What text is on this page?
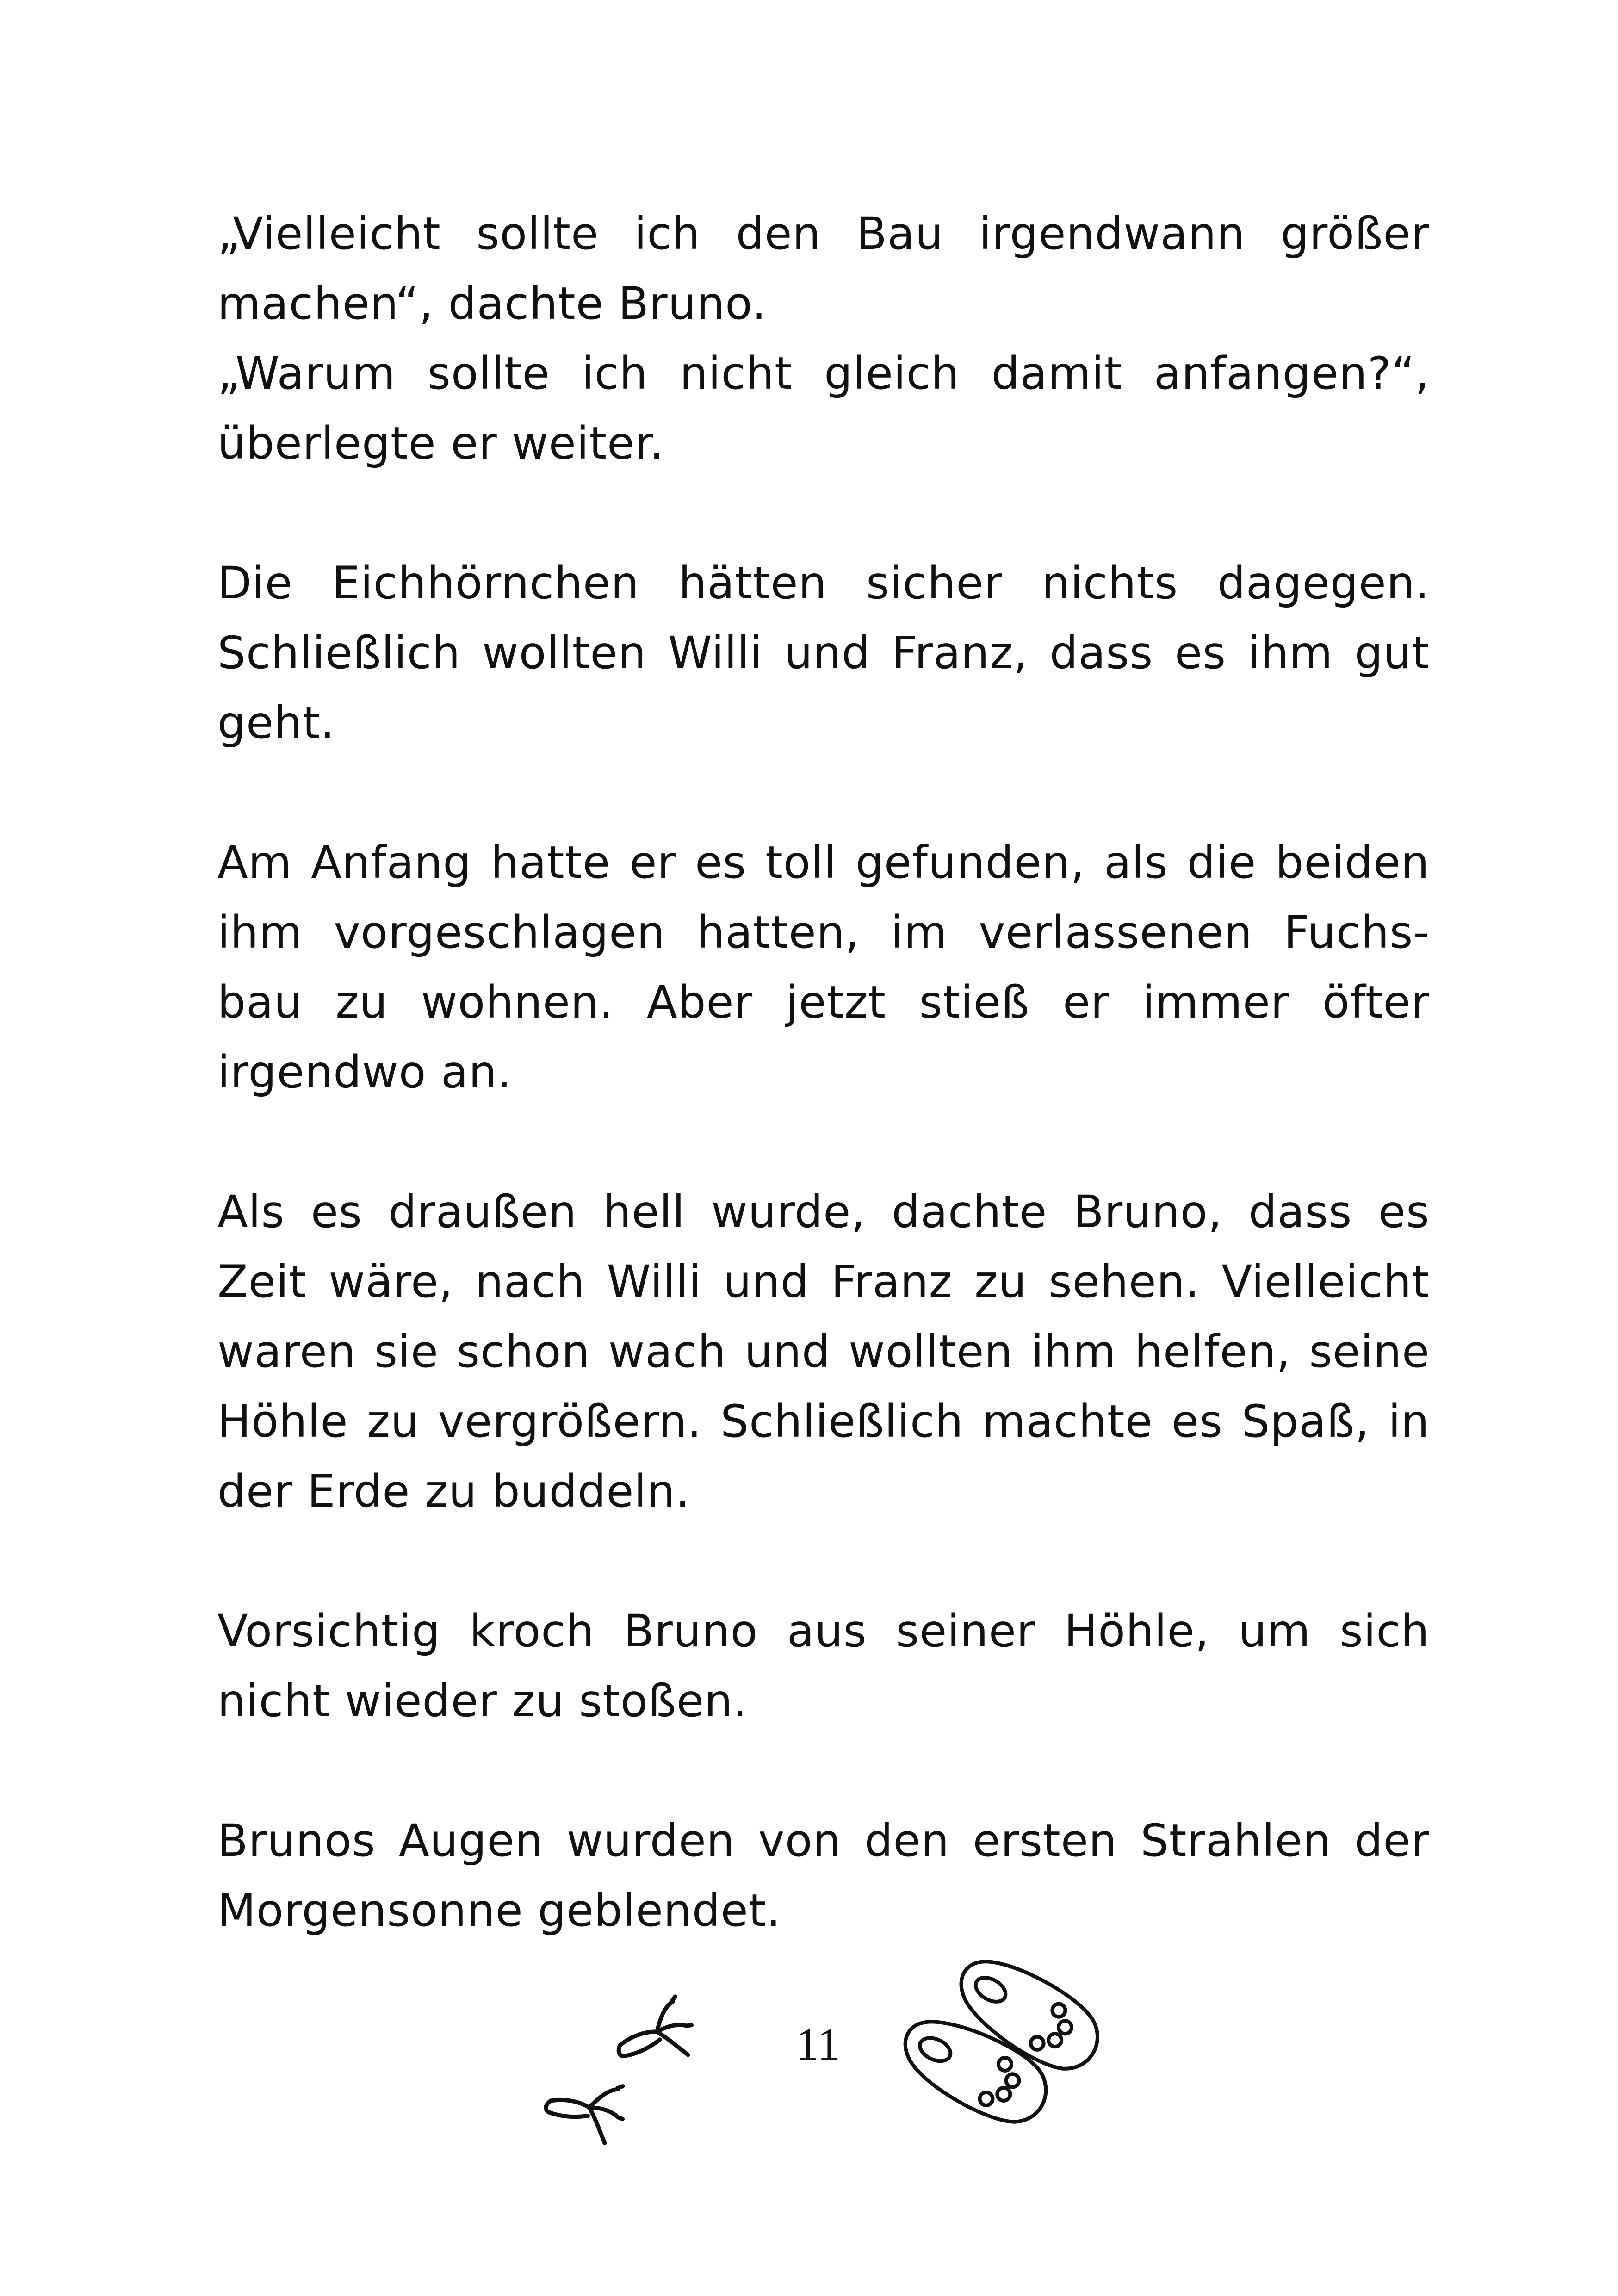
„Vielleicht sollte ich den Bau irgendwann größer
machen“, dachte Bruno.
„Warum sollte ich nicht gleich damit anfangen?“,
überlegte er weiter.
Die Eichhörnchen hätten sicher nichts dagegen.
Schließlich wollten Willi und Franz, dass es ihm gut
geht.
Am Anfang hatte er es toll gefunden, als die beiden
ihm vorgeschlagen hatten, im verlassenen Fuchs-
bau zu wohnen. Aber jetzt stieß er immer öfter
irgendwo an.
Als es draußen hell wurde, dachte Bruno, dass es
Zeit wäre, nach Willi und Franz zu sehen. Vielleicht
waren sie schon wach und wollten ihm helfen, seine
Höhle zu vergrößern. Schließlich machte es Spaß, in
der Erde zu buddeln.
Vorsichtig kroch Bruno aus seiner Höhle, um sich
nicht wieder zu stoßen.
Brunos Augen wurden von den ersten Strahlen der
Morgensonne geblendet.
11
